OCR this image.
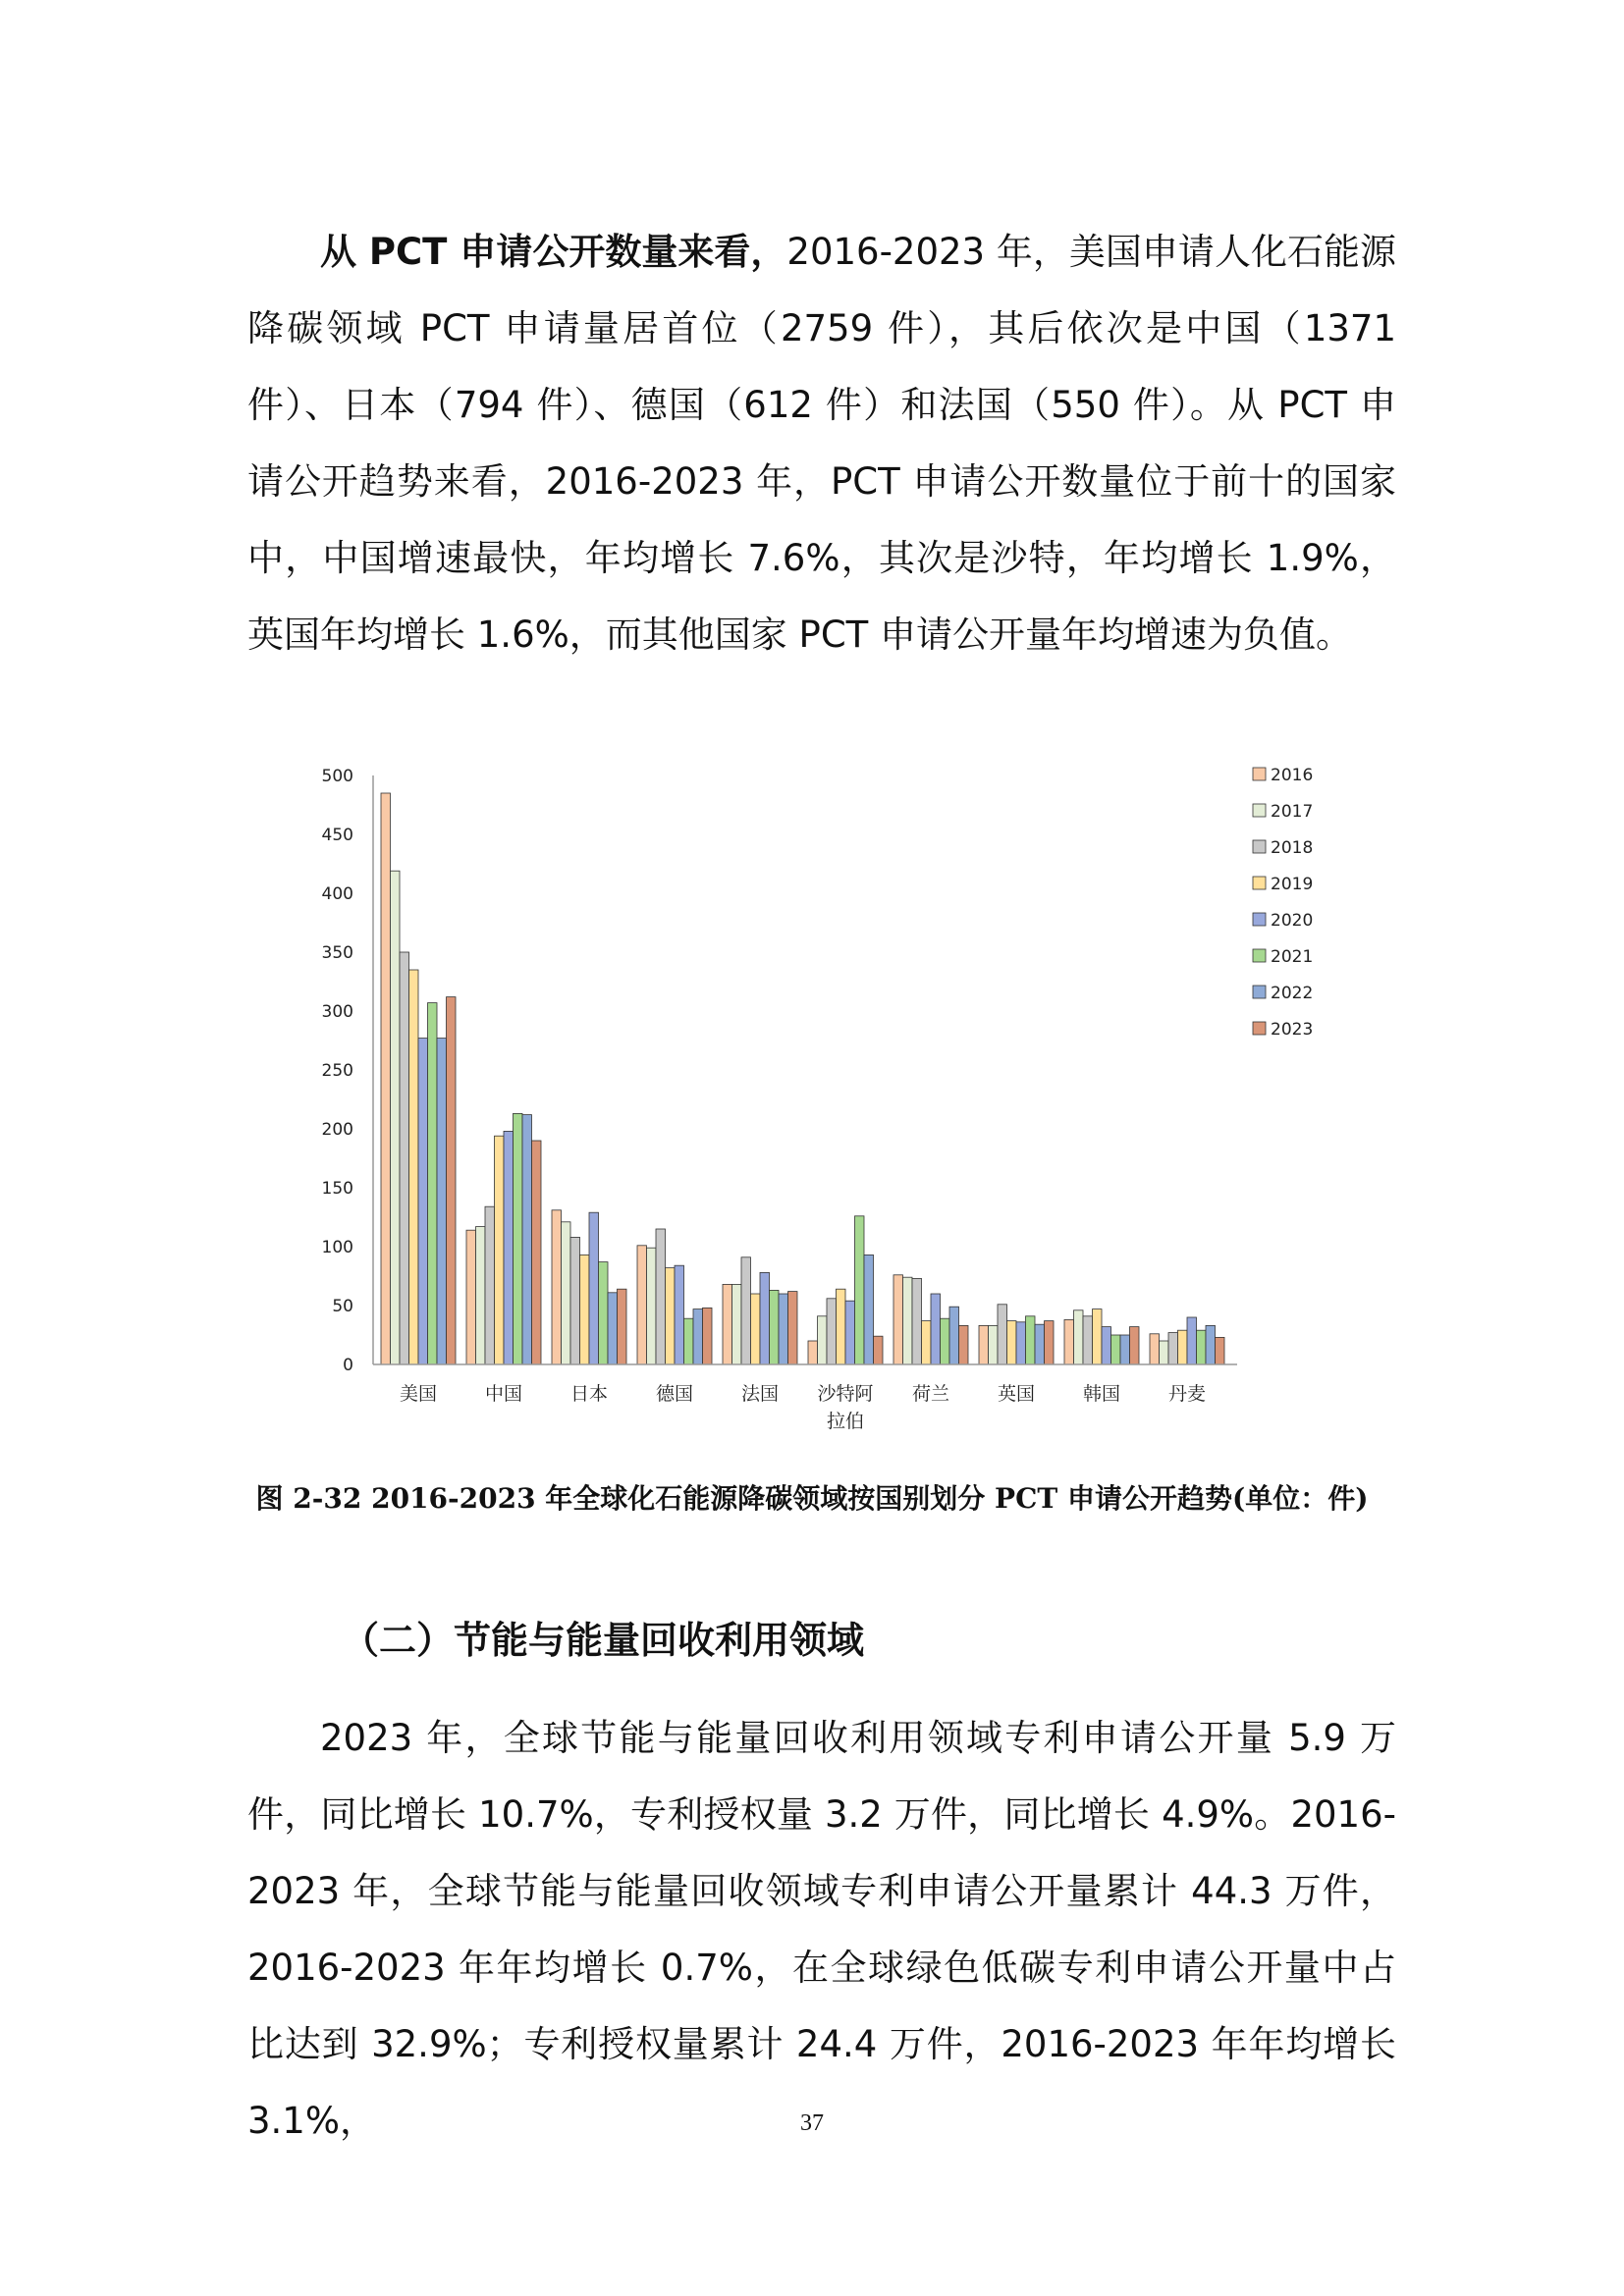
从 PCT 申请公开数量来看，2016-2023 年，美国申请人化石能源降碳领域 PCT 申请量居首位（2759 件），其后依次是中国（1371 件）、日本（794 件）、德国（612 件）和法国（550 件）。从 PCT 申请公开趋势来看，2016-2023 年，PCT 申请公开数量位于前十的国家中，中国增速最快，年均增长 7.6%，其次是沙特，年均增长 1.9%，英国年均增长 1.6%，而其他国家 PCT 申请公开量年均增速为负值。

0
50
100
150
200
250
300
350
400
450
500
美国	中国	日本	德国	法国 沙特阿
拉伯
荷兰	英国	韩国	丹麦
2016
2017
2018
2019
2020
2021
2022
2023
图 2-32 2016-2023 年全球化石能源降碳领域按国别划分 PCT 申请公开趋势(单位：件)
（二）节能与能量回收利用领域

2023 年，全球节能与能量回收利用领域专利申请公开量 5.9 万件，同比增长 10.7%，专利授权量 3.2 万件，同比增长 4.9%。2016-2023 年，全球节能与能量回收领域专利申请公开量累计 44.3 万件，2016-2023 年年均增长 0.7%，在全球绿色低碳专利申请公开量中占比达到 32.9%；专利授权量累计 24.4 万件，2016-2023 年年均增长 3.1%，	37
